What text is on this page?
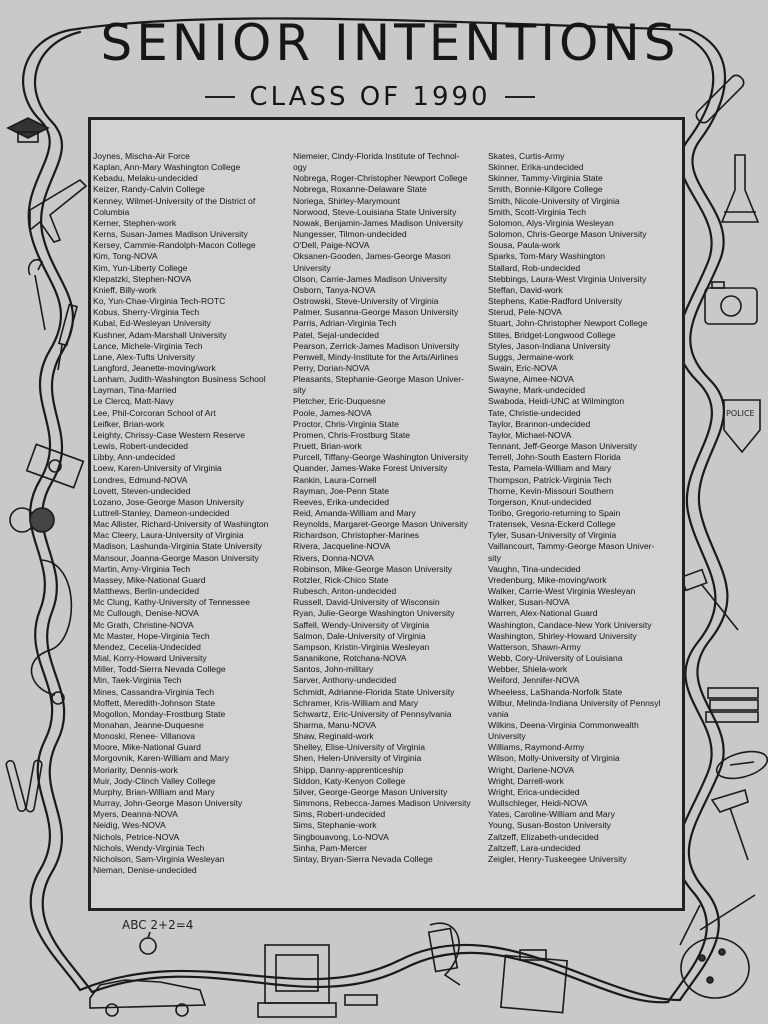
SENIOR INTENTIONS
CLASS OF 1990
Joynes, Mischa-Air Force
Kaplan, Ann-Mary Washington College
Kebadu, Melaku-undecided
Keizer, Randy-Calvin College
Kenney, Wilmet-University of the District of
Columbia
Kerner, Stephen-work
Kerns, Susan-James Madison University
Kersey, Cammie-Randolph-Macon College
Kim, Tong-NOVA
Kim, Yun-Liberty College
Klepatzki, Stephen-NOVA
Knieff, Billy-work
Ko, Yun-Chae-Virginia Tech-ROTC
Kobus, Sherry-Virginia Tech
Kubal, Ed-Wesleyan University
Kushner, Adam-Marshall University
Lance, Michele-Virginia Tech
Lane, Alex-Tufts University
Langford, Jeanette-moving/work
Lanham, Judith-Washington Business School
Layman, Tina-Married
Le Clercq, Matt-Navy
Lee, Phil-Corcoran School of Art
Leifker, Brian-work
Leighty, Chrissy-Case Western Reserve
Lewis, Robert-undecided
Libby, Ann-undecided
Loew, Karen-University of Virginia
Londres, Edmund-NOVA
Lovett, Steven-undecided
Lozano, Jose-George Mason University
Luttrell-Stanley, Dameon-undecided
Mac Allister, Richard-University of Washington
Mac Cleery, Laura-University of Virginia
Madison, Lashunda-Virginia State University
Mansour, Joanna-George Mason University
Martin, Amy-Virginia Tech
Massey, Mike-National Guard
Matthews, Berlin-undecided
Mc Clung, Kathy-University of Tennessee
Mc Cullough, Denise-NOVA
Mc Grath, Christine-NOVA
Mc Master, Hope-Virginia Tech
Mendez, Cecelia-Undecided
Mial, Korry-Howard University
Miller, Todd-Sierra Nevada College
Min, Taek-Virginia Tech
Mines, Cassandra-Virginia Tech
Moffett, Meredith-Johnson State
Mogollon, Monday-Frostburg State
Monahan, Jeanne-Duquesne
Monoski, Renee- Villanova
Moore, Mike-National Guard
Morgovnik, Karen-William and Mary
Moriarity, Dennis-work
Muir, Jody-Clinch Valley College
Murphy, Brian-William and Mary
Murray, John-George Mason University
Myers, Deanna-NOVA
Neidig, Wes-NOVA
Nichols, Petrice-NOVA
Nichols, Wendy-Virginia Tech
Nicholson, Sam-Virginia Wesleyan
Nieman, Denise-undecided
Niemeier, Cindy-Florida Institute of Technol-
ogy
Nobrega, Roger-Christopher Newport College
Nobrega, Roxanne-Delaware State
Noriega, Shirley-Marymount
Norwood, Steve-Louisiana State University
Nowak, Benjamin-James Madison University
Nungesser, Tilmon-undecided
O'Dell, Paige-NOVA
Oksanen-Gooden, James-George Mason
University
Olson, Carrie-James Madison University
Osborn, Tanya-NOVA
Ostrowski, Steve-University of Virginia
Palmer, Susanna-George Mason University
Parris, Adrian-Virginia Tech
Patel, Sejal-undecided
Pearson, Zerrick-James Madison University
Penwell, Mindy-Institute for the Arts/Airlines
Perry, Dorian-NOVA
Pleasants, Stephanie-George Mason Univer-
sity
Pletcher, Eric-Duquesne
Poole, James-NOVA
Proctor, Chris-Virginia State
Promen, Chris-Frostburg State
Pruett, Brian-work
Purcell, Tiffany-George Washington University
Quander, James-Wake Forest University
Rankin, Laura-Cornell
Rayman, Joe-Penn State
Reeves, Erika-undecided
Reid, Amanda-William and Mary
Reynolds, Margaret-George Mason University
Richardson, Christopher-Marines
Rivera, Jacqueline-NOVA
Rivers, Donna-NOVA
Robinson, Mike-George Mason University
Rotzler, Rick-Chico State
Rubesch, Anton-undecided
Russell, David-University of Wisconsin
Ryan, Julie-George Washington University
Saffell, Wendy-University of Virginia
Salmon, Dale-University of Virginia
Sampson, Kristin-Virginia Wesleyan
Sananikone, Rotchana-NOVA
Santos, John-military
Sarver, Anthony-undecided
Schmidt, Adrianne-Florida State University
Schramer, Kris-William and Mary
Schwartz, Eric-University of Pennsylvania
Sharma, Manu-NOVA
Shaw, Reginald-work
Shelley, Elise-University of Virginia
Shen, Helen-University of Virginia
Shipp, Danny-apprenticeship
Siddon, Katy-Kenyon College
Silver, George-George Mason University
Simmons, Rebecca-James Madison University
Sims, Robert-undecided
Sims, Stephanie-work
Singbouavong, Lo-NOVA
Sinha, Pam-Mercer
Sintay, Bryan-Sierra Nevada College
Skates, Curtis-Army
Skinner, Erika-undecided
Skinner, Tammy-Virginia State
Smith, Bonnie-Kilgore College
Smith, Nicole-University of Virginia
Smith, Scott-Virginia Tech
Solomon, Alys-Virginia Wesleyan
Solomon, Chris-George Mason University
Sousa, Paula-work
Sparks, Tom-Mary Washington
Stallard, Rob-undecided
Stebbings, Laura-West Virginia University
Steffan, David-work
Stephens, Katie-Radford University
Sterud, Pele-NOVA
Stuart, John-Christopher Newport College
Stites, Bridget-Longwood College
Styles, Jason-Indiana University
Suggs, Jermaine-work
Swain, Eric-NOVA
Swayne, Aimee-NOVA
Swayne, Mark-undecided
Swaboda, Heidi-UNC at Wilmington
Tate, Christie-undecided
Taylor, Brannon-undecided
Taylor, Michael-NOVA
Tennant, Jeff-George Mason University
Terrell, John-South Eastern Florida
Testa, Pamela-William and Mary
Thompson, Patrick-Virginia Tech
Thorne, Kevin-Missouri Southern
Torgerson, Knut-undecided
Toribo, Gregorio-returning to Spain
Tratensek, Vesna-Eckerd College
Tyler, Susan-University of Virginia
Vaillancourt, Tammy-George Mason Univer-
sity
Vaughn, Tina-undecided
Vredenburg, Mike-moving/work
Walker, Carrie-West Virginia Wesleyan
Walker, Susan-NOVA
Warren, Alex-National Guard
Washington, Candace-New York University
Washington, Shirley-Howard University
Watterson, Shawn-Army
Webb, Cory-University of Louisiana
Webber, Shiela-work
Weiford, Jennifer-NOVA
Wheeless, LaShanda-Norfolk State
Wilbur, Melinda-Indiana University of Pennsyl
vania
Wilkins, Deena-Virginia Commonwealth
University
Williams, Raymond-Army
Wilson, Molly-University of Virginia
Wright, Darlene-NOVA
Wright, Darrell-work
Wright, Erica-undecided
Wullschleger, Heidi-NOVA
Yates, Caroline-William and Mary
Young, Susan-Boston University
Zaltzeff, Elizabeth-undecided
Zaltzeff, Lara-undecided
Zeigler, Henry-Tuskeegee University
ABC 2+2=4
POLICE
